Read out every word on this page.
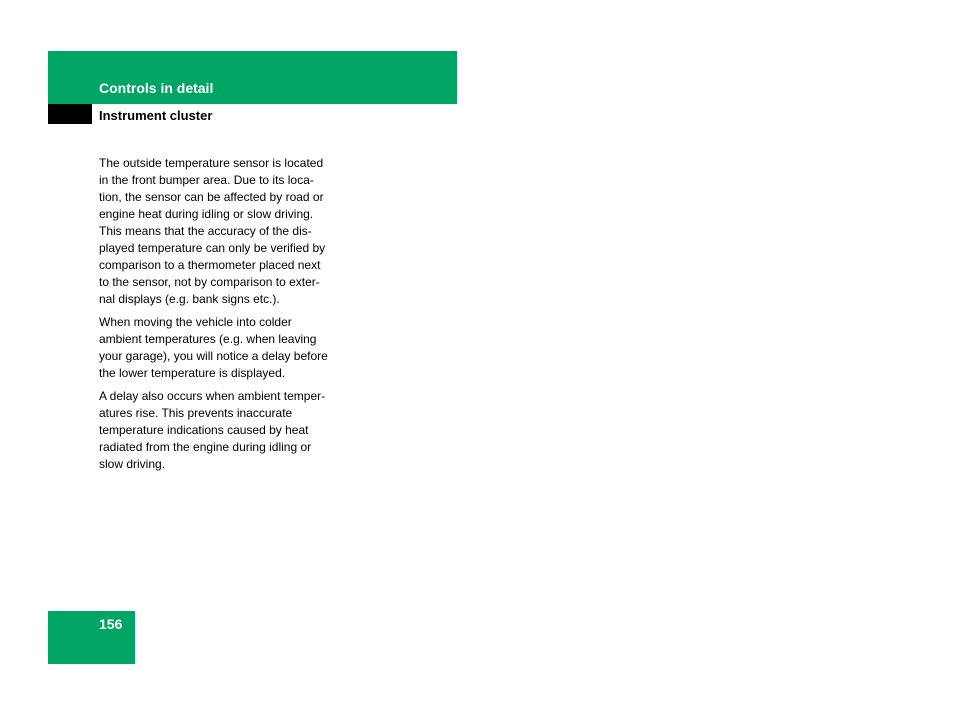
Controls in detail
Instrument cluster

The outside temperature sensor is located
in the front bumper area. Due to its loca-
tion, the sensor can be affected by road or
engine heat during idling or slow driving.
This means that the accuracy of the dis-
played temperature can only be verified by
comparison to a thermometer placed next
to the sensor, not by comparison to exter-
nal displays (e.g. bank signs etc.).

When moving the vehicle into colder
ambient temperatures (e.g. when leaving
your garage), you will notice a delay before
the lower temperature is displayed.

A delay also occurs when ambient temper-
atures rise. This prevents inaccurate
temperature indications caused by heat
radiated from the engine during idling or
slow driving.

156
